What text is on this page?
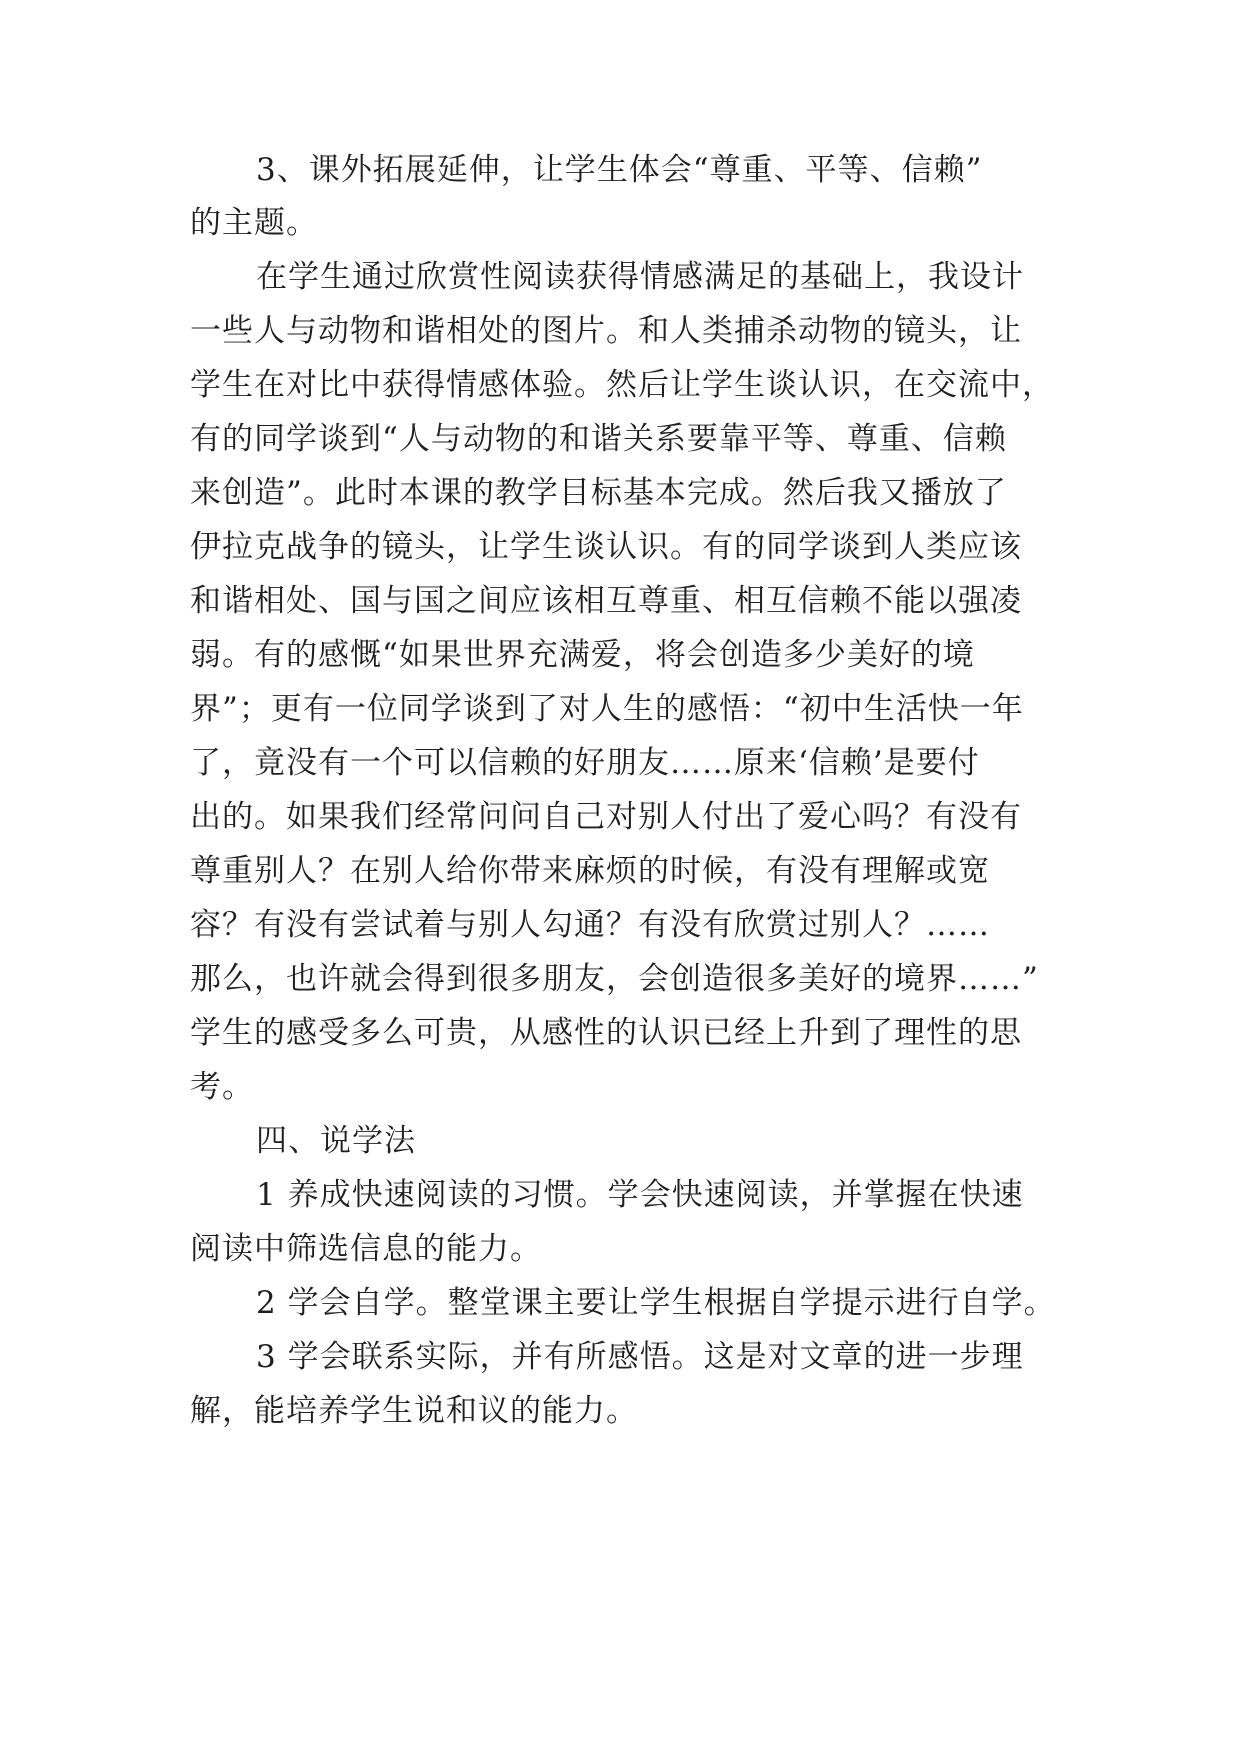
3、课外拓展延伸，让学生体会“尊重、平等、信赖”
的主题。
在学生通过欣赏性阅读获得情感满足的基础上，我设计
一些人与动物和谐相处的图片。和人类捕杀动物的镜头，让
学生在对比中获得情感体验。然后让学生谈认识，在交流中，
有的同学谈到“人与动物的和谐关系要靠平等、尊重、信赖
来创造”。此时本课的教学目标基本完成。然后我又播放了
伊拉克战争的镜头，让学生谈认识。有的同学谈到人类应该
和谐相处、国与国之间应该相互尊重、相互信赖不能以强凌
弱。有的感慨“如果世界充满爱，将会创造多少美好的境
界”；更有一位同学谈到了对人生的感悟：“初中生活快一年
了，竟没有一个可以信赖的好朋友……原来‘信赖’是要付
出的。如果我们经常问问自己对别人付出了爱心吗？有没有
尊重别人？在别人给你带来麻烦的时候，有没有理解或宽
容？有没有尝试着与别人勾通？有没有欣赏过别人？……
那么，也许就会得到很多朋友，会创造很多美好的境界……”
学生的感受多么可贵，从感性的认识已经上升到了理性的思
考。
四、说学法
1 养成快速阅读的习惯。学会快速阅读，并掌握在快速
阅读中筛选信息的能力。
2 学会自学。整堂课主要让学生根据自学提示进行自学。
3 学会联系实际，并有所感悟。这是对文章的进一步理
解，能培养学生说和议的能力。
